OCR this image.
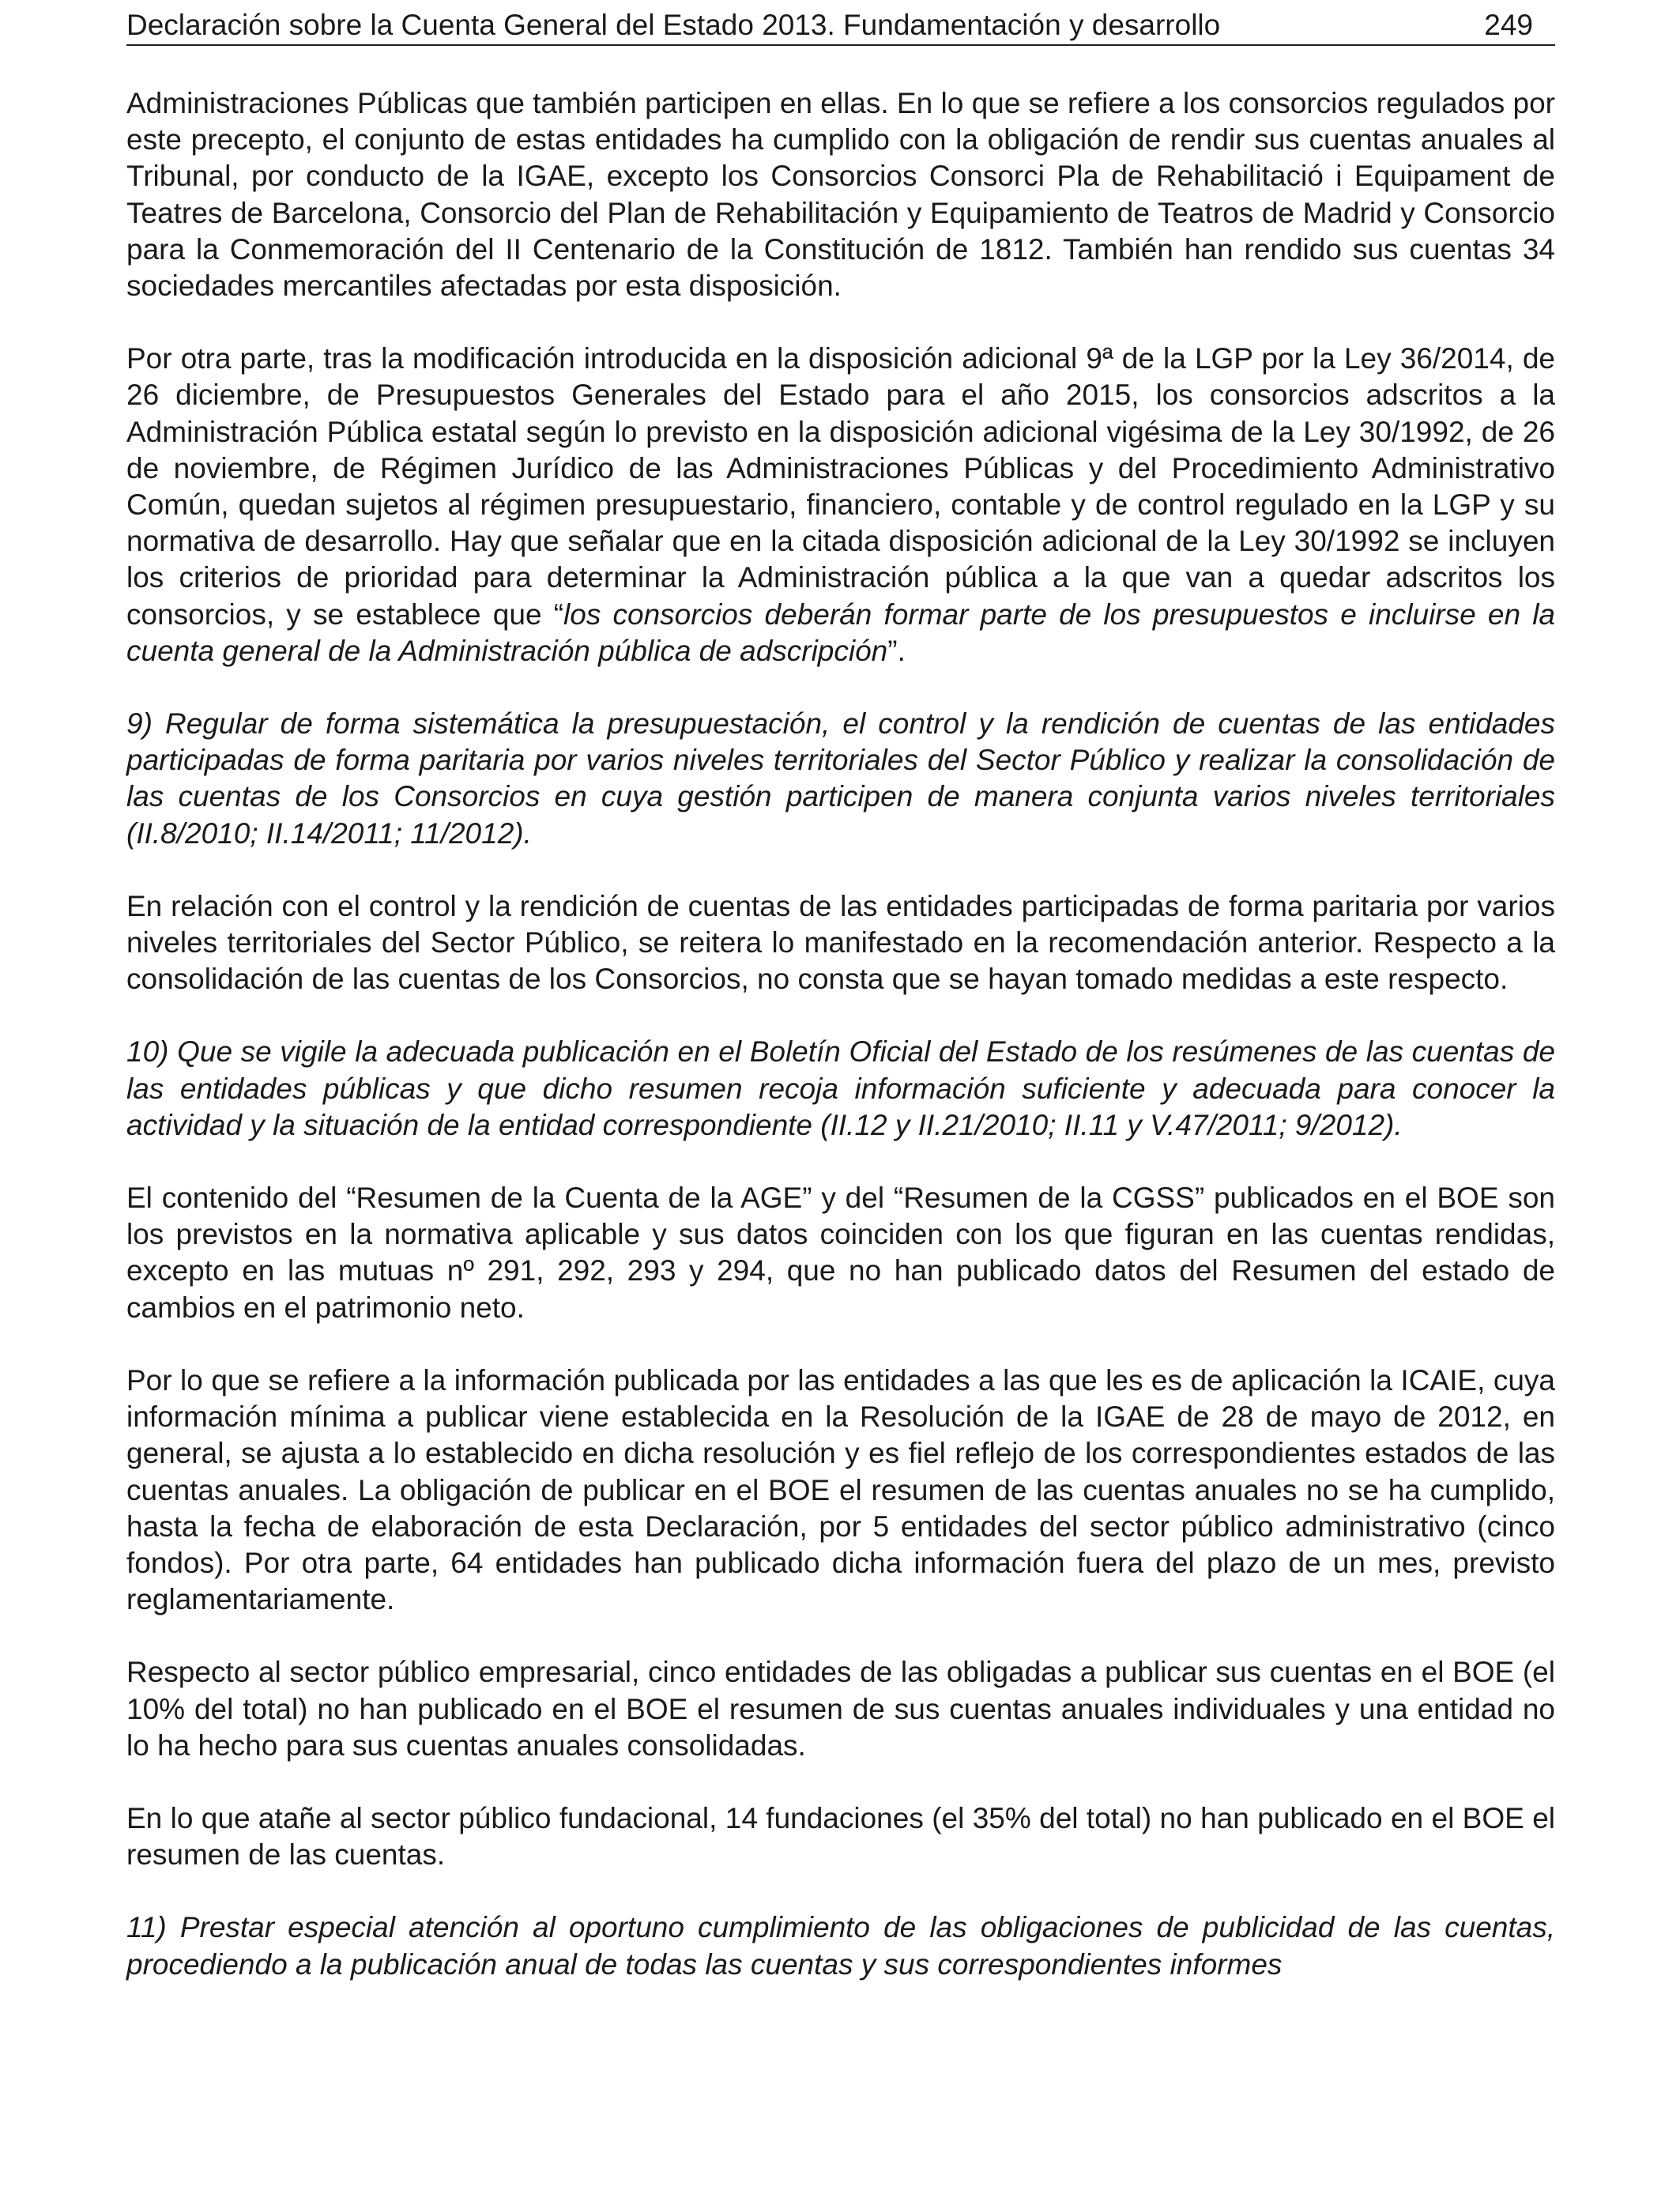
Declaración sobre la Cuenta General del Estado 2013. Fundamentación y desarrollo	249

Administraciones Públicas que también participen en ellas. En lo que se refiere a los consorcios regulados por este precepto, el conjunto de estas entidades ha cumplido con la obligación de rendir sus cuentas anuales al Tribunal, por conducto de la IGAE, excepto los Consorcios Consorci Pla de Rehabilitació i Equipament de Teatres de Barcelona, Consorcio del Plan de Rehabilitación y Equipamiento de Teatros de Madrid y Consorcio para la Conmemoración del II Centenario de la Constitución de 1812. También han rendido sus cuentas 34 sociedades mercantiles afectadas por esta disposición.

Por otra parte, tras la modificación introducida en la disposición adicional 9ª de la LGP por la Ley 36/2014, de 26 diciembre, de Presupuestos Generales del Estado para el año 2015, los consorcios adscritos a la Administración Pública estatal según lo previsto en la disposición adicional vigésima de la Ley 30/1992, de 26 de noviembre, de Régimen Jurídico de las Administraciones Públicas y del Procedimiento Administrativo Común, quedan sujetos al régimen presupuestario, financiero, contable y de control regulado en la LGP y su normativa de desarrollo. Hay que señalar que en la citada disposición adicional de la Ley 30/1992 se incluyen los criterios de prioridad para determinar la Administración pública a la que van a quedar adscritos los consorcios, y se establece que “los consorcios deberán formar parte de los presupuestos e incluirse en la cuenta general de la Administración pública de adscripción”.

9) Regular de forma sistemática la presupuestación, el control y la rendición de cuentas de las entidades participadas de forma paritaria por varios niveles territoriales del Sector Público y realizar la consolidación de las cuentas de los Consorcios en cuya gestión participen de manera conjunta varios niveles territoriales (II.8/2010; II.14/2011; 11/2012).

En relación con el control y la rendición de cuentas de las entidades participadas de forma paritaria por varios niveles territoriales del Sector Público, se reitera lo manifestado en la recomendación anterior. Respecto a la consolidación de las cuentas de los Consorcios, no consta que se hayan tomado medidas a este respecto.

10) Que se vigile la adecuada publicación en el Boletín Oficial del Estado de los resúmenes de las cuentas de las entidades públicas y que dicho resumen recoja información suficiente y adecuada para conocer la actividad y la situación de la entidad correspondiente (II.12 y II.21/2010; II.11 y V.47/2011; 9/2012).

El contenido del “Resumen de la Cuenta de la AGE” y del “Resumen de la CGSS” publicados en el BOE son los previstos en la normativa aplicable y sus datos coinciden con los que figuran en las cuentas rendidas, excepto en las mutuas nº 291, 292, 293 y 294, que no han publicado datos del Resumen del estado de cambios en el patrimonio neto.

Por lo que se refiere a la información publicada por las entidades a las que les es de aplicación la ICAIE, cuya información mínima a publicar viene establecida en la Resolución de la IGAE de 28 de mayo de 2012, en general, se ajusta a lo establecido en dicha resolución y es fiel reflejo de los correspondientes estados de las cuentas anuales. La obligación de publicar en el BOE el resumen de las cuentas anuales no se ha cumplido, hasta la fecha de elaboración de esta Declaración, por 5 entidades del sector público administrativo (cinco fondos). Por otra parte, 64 entidades han publicado dicha información fuera del plazo de un mes, previsto reglamentariamente.

Respecto al sector público empresarial, cinco entidades de las obligadas a publicar sus cuentas en el BOE (el 10% del total) no han publicado en el BOE el resumen de sus cuentas anuales individuales y una entidad no lo ha hecho para sus cuentas anuales consolidadas.

En lo que atañe al sector público fundacional, 14 fundaciones (el 35% del total) no han publicado en el BOE el resumen de las cuentas.

11) Prestar especial atención al oportuno cumplimiento de las obligaciones de publicidad de las cuentas, procediendo a la publicación anual de todas las cuentas y sus correspondientes informes
